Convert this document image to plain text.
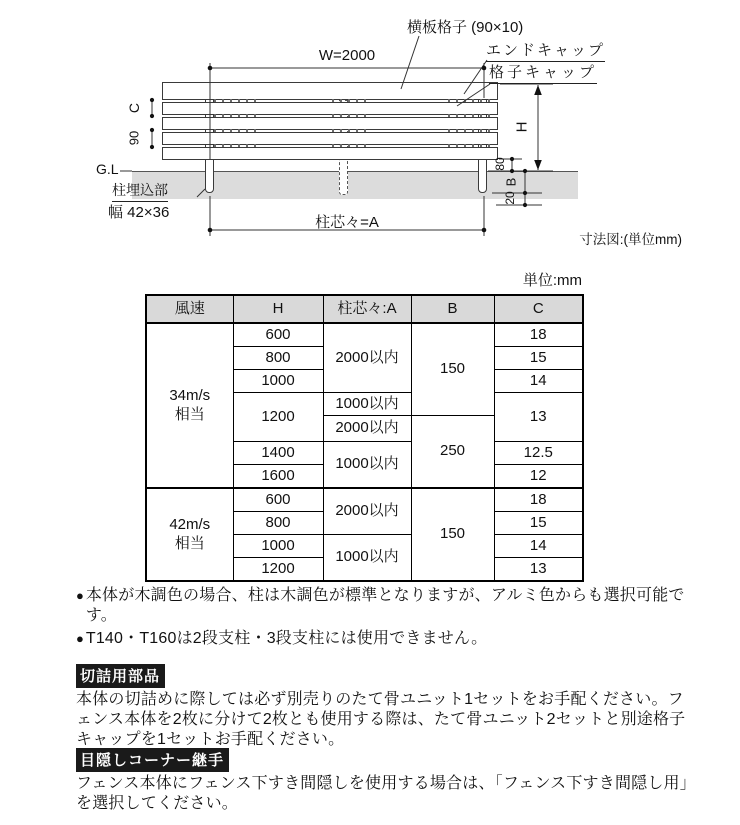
横板格子 (90×10)
W=2000	エンドキャップ
格子キャップ
C
90
G.L
柱埋込部
幅 42×36
H
80
B
20
柱芯々=A
寸法図:(単位mm)
単位:mm
風速	H	柱芯々:A	B	C

34m/s
相当	600	2000以内	150	18
	800			15
	1000			14
	1200	1000以内		13
		2000以内	250	
	1400	1000以内		12.5
	1600			12

42m/s
相当	600	2000以内	150	18
	800			15
	1000	1000以内		14
	1200			13
● 本体が木調色の場合、柱は木調色が標準となりますが、アルミ色からも選択可能です。
● T140・T160は2段支柱・3段支柱には使用できません。
切詰用部品
本体の切詰めに際しては必ず別売りのたて骨ユニット1セットをお手配ください。フェンス本体を2枚に分けて2枚とも使用する際は、たて骨ユニット2セットと別途格子キャップを1セットお手配ください。
目隠しコーナー継手
フェンス本体にフェンス下すき間隠しを使用する場合は、「フェンス下すき間隠し用」を選択してください。
